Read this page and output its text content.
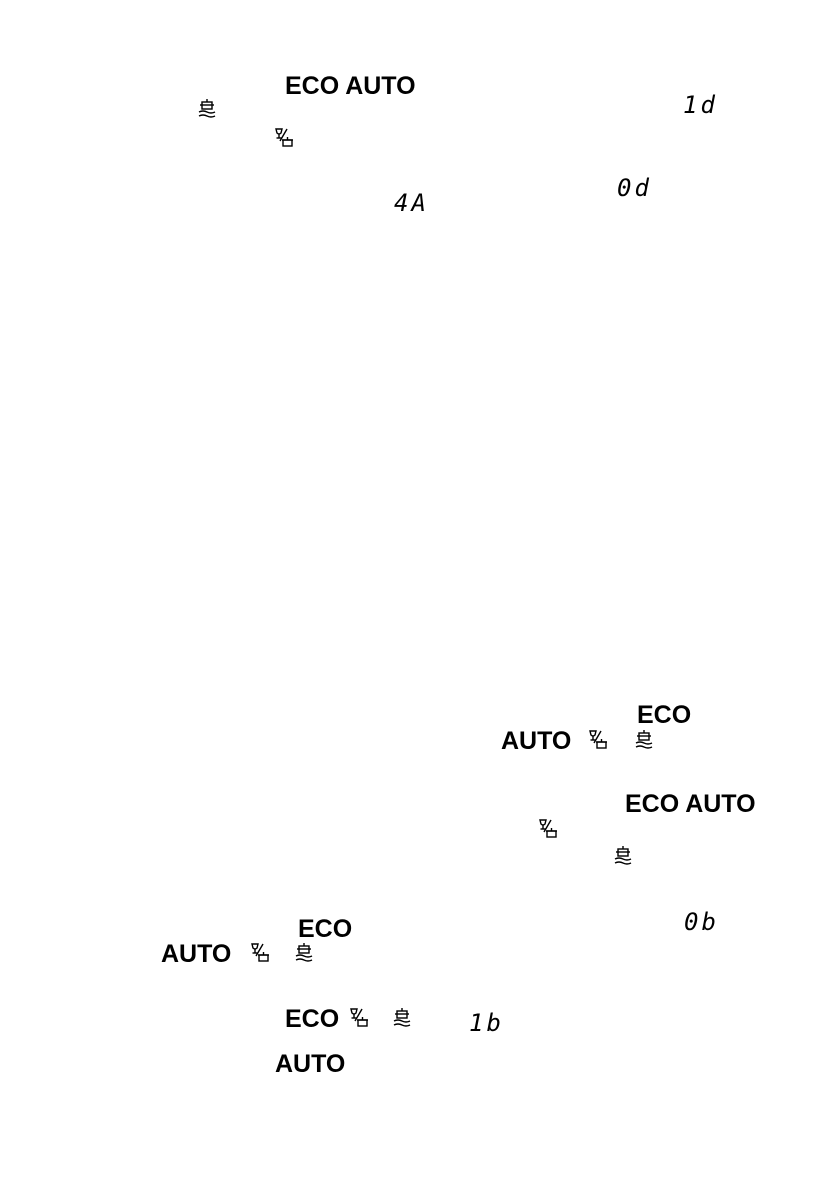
ECO AUTO
1d
0d
4A
ECO
AUTO
ECO AUTO
0b
ECO
AUTO
ECO	1b
AUTO
